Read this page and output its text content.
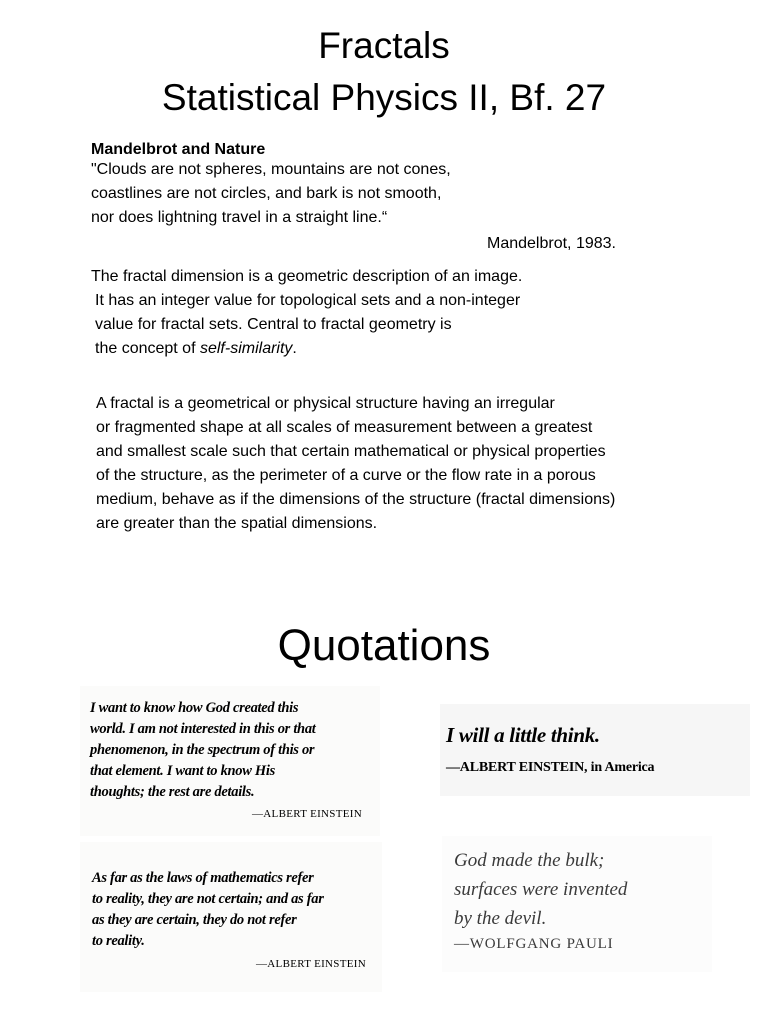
Fractals
Statistical Physics II, Bf. 27
Mandelbrot and Nature
"Clouds are not spheres, mountains are not cones,
coastlines are not circles, and bark is not smooth,
nor does lightning travel in a straight line.“
Mandelbrot, 1983.
The fractal dimension is a geometric description of an image.
It has an integer value for topological sets and a non-integer
value for fractal sets. Central to fractal geometry is
the concept of self-similarity.
A fractal is a geometrical or physical structure having an irregular
or fragmented shape at all scales of measurement between a greatest
and smallest scale such that certain mathematical or physical properties
of the structure, as the perimeter of a curve or the flow rate in a porous
medium, behave as if the dimensions of the structure (fractal dimensions)
are greater than the spatial dimensions.
Quotations
I want to know how God created this
world. I am not interested in this or that
phenomenon, in the spectrum of this or
that element. I want to know His
thoughts; the rest are details.
—ALBERT EINSTEIN
I will a little think.
—ALBERT EINSTEIN, in America
As far as the laws of mathematics refer
to reality, they are not certain; and as far
as they are certain, they do not refer
to reality.
—ALBERT EINSTEIN
God made the bulk;
surfaces were invented
by the devil.
—WOLFGANG PAULI
